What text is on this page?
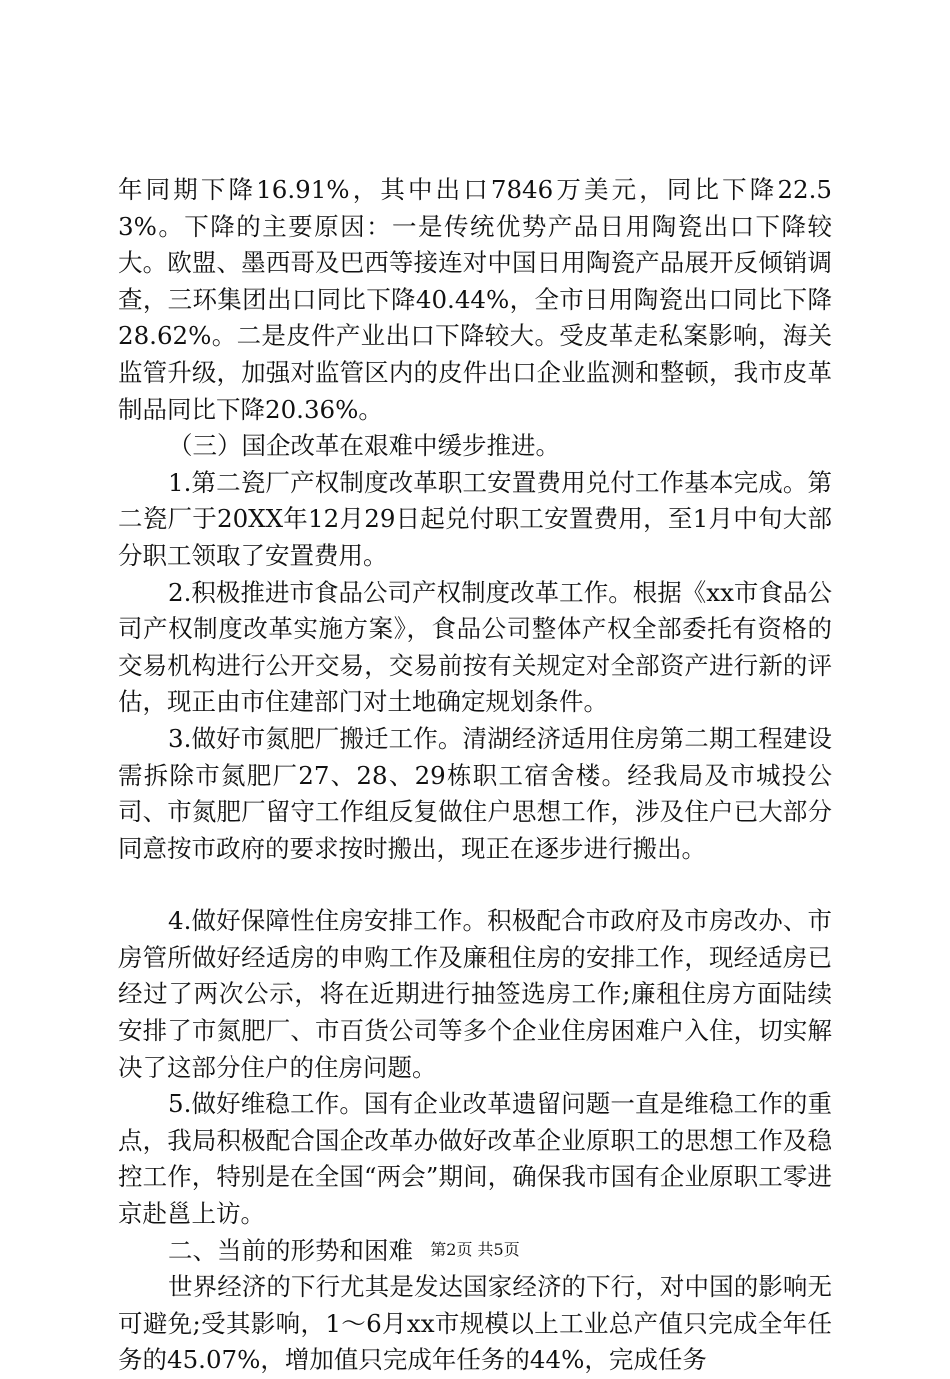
年同期下降16.91%，其中出口7846万美元，同比下降22.53%。下降的主要原因：一是传统优势产品日用陶瓷出口下降较大。欧盟、墨西哥及巴西等接连对中国日用陶瓷产品展开反倾销调查，三环集团出口同比下降40.44%，全市日用陶瓷出口同比下降28.62%。二是皮件产业出口下降较大。受皮革走私案影响，海关监管升级，加强对监管区内的皮件出口企业监测和整顿，我市皮革制品同比下降20.36%。

（三）国企改革在艰难中缓步推进。

1.第二瓷厂产权制度改革职工安置费用兑付工作基本完成。第二瓷厂于20XX年12月29日起兑付职工安置费用，至1月中旬大部分职工领取了安置费用。

2.积极推进市食品公司产权制度改革工作。根据《xx市食品公司产权制度改革实施方案》，食品公司整体产权全部委托有资格的交易机构进行公开交易，交易前按有关规定对全部资产进行新的评估，现正由市住建部门对土地确定规划条件。

3.做好市氮肥厂搬迁工作。清湖经济适用住房第二期工程建设需拆除市氮肥厂27、28、29栋职工宿舍楼。经我局及市城投公司、市氮肥厂留守工作组反复做住户思想工作，涉及住户已大部分同意按市政府的要求按时搬出，现正在逐步进行搬出。

4.做好保障性住房安排工作。积极配合市政府及市房改办、市房管所做好经适房的申购工作及廉租住房的安排工作，现经适房已经过了两次公示，将在近期进行抽签选房工作;廉租住房方面陆续安排了市氮肥厂、市百货公司等多个企业住房困难户入住，切实解决了这部分住户的住房问题。

5.做好维稳工作。国有企业改革遗留问题一直是维稳工作的重点，我局积极配合国企改革办做好改革企业原职工的思想工作及稳控工作，特别是在全国“两会”期间，确保我市国有企业原职工零进京赴邕上访。

二、当前的形势和困难

世界经济的下行尤其是发达国家经济的下行，对中国的影响无可避免;受其影响，1～6月xx市规模以上工业总产值只完成全年任务的45.07%，增加值只完成年任务的44%，完成任务

第2页 共5页
